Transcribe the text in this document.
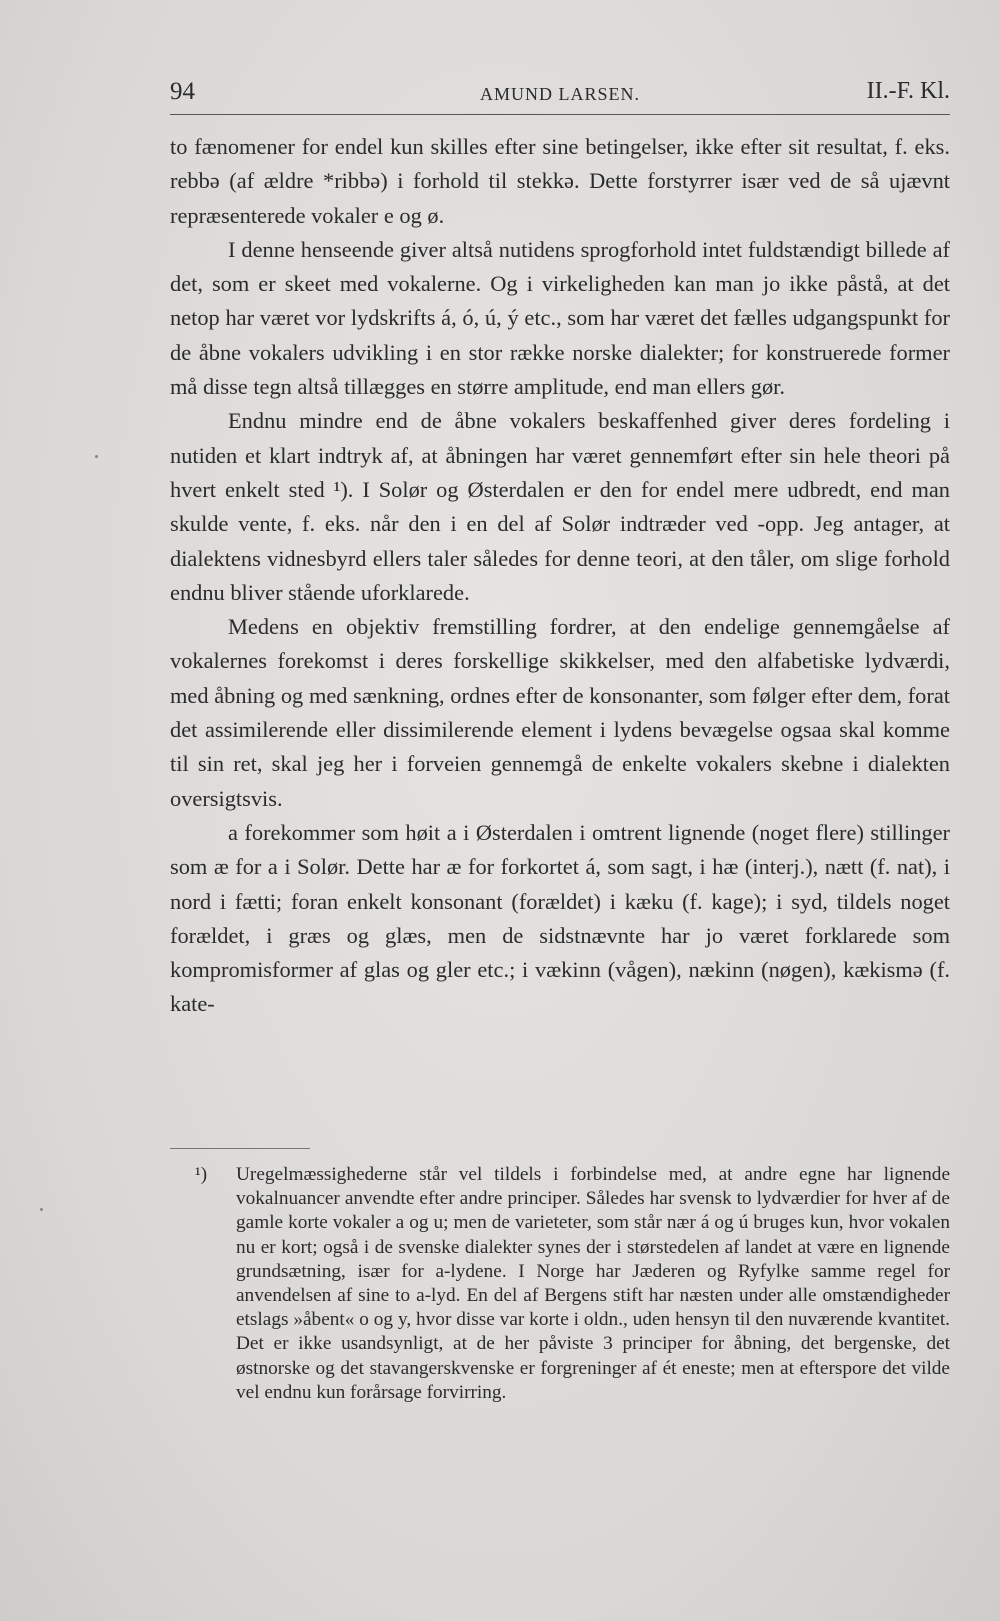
94	AMUND LARSEN.	II.-F. Kl.

to fænomener for endel kun skilles efter sine betingelser, ikke efter sit resultat, f. eks. rebbə (af ældre *ribbə) i forhold til stekkə. Dette forstyrrer især ved de så ujævnt repræsenterede vokaler e og ø.

I denne henseende giver altså nutidens sprogforhold intet fuldstændigt billede af det, som er skeet med vokalerne. Og i virkeligheden kan man jo ikke påstå, at det netop har været vor lydskrifts á, ó, ú, ý etc., som har været det fælles udgangspunkt for de åbne vokalers udvikling i en stor række norske dialekter; for konstruerede former må disse tegn altså tillægges en større amplitude, end man ellers gør.

Endnu mindre end de åbne vokalers beskaffenhed giver deres fordeling i nutiden et klart indtryk af, at åbningen har været gennemført efter sin hele theori på hvert enkelt sted ¹). I Solør og Østerdalen er den for endel mere udbredt, end man skulde vente, f. eks. når den i en del af Solør indtræder ved -opp. Jeg antager, at dialektens vidnesbyrd ellers taler således for denne teori, at den tåler, om slige forhold endnu bliver stående uforklarede.

Medens en objektiv fremstilling fordrer, at den endelige gennemgåelse af vokalernes forekomst i deres forskellige skikkelser, med den alfabetiske lydværdi, med åbning og med sænkning, ordnes efter de konsonanter, som følger efter dem, forat det assimilerende eller dissimilerende element i lydens bevægelse ogsaa skal komme til sin ret, skal jeg her i forveien gennemgå de enkelte vokalers skebne i dialekten oversigtsvis.

a forekommer som høit a i Østerdalen i omtrent lignende (noget flere) stillinger som æ for a i Solør. Dette har æ for forkortet á, som sagt, i hæ (interj.), nætt (f. nat), i nord i fætti; foran enkelt konsonant (forældet) i kæku (f. kage); i syd, tildels noget forældet, i græs og glæs, men de sidstnævnte har jo været forklarede som kompromisformer af glas og gler etc.; i vækinn (vågen), nækinn (nøgen), kækismə (f. kate-

¹) Uregelmæssighederne står vel tildels i forbindelse med, at andre egne har lignende vokalnuancer anvendte efter andre principer. Således har svensk to lydværdier for hver af de gamle korte vokaler a og u; men de varieteter, som står nær á og ú bruges kun, hvor vokalen nu er kort; også i de svenske dialekter synes der i størstedelen af landet at være en lignende grundsætning, især for a-lydene. I Norge har Jæderen og Ryfylke samme regel for anvendelsen af sine to a-lyd. En del af Bergens stift har næsten under alle omstændigheder etslags »åbent« o og y, hvor disse var korte i oldn., uden hensyn til den nuværende kvantitet. Det er ikke usandsynligt, at de her påviste 3 principer for åbning, det bergenske, det østnorske og det stavangerskvenske er forgreninger af ét eneste; men at efterspore det vilde vel endnu kun forårsage forvirring.
